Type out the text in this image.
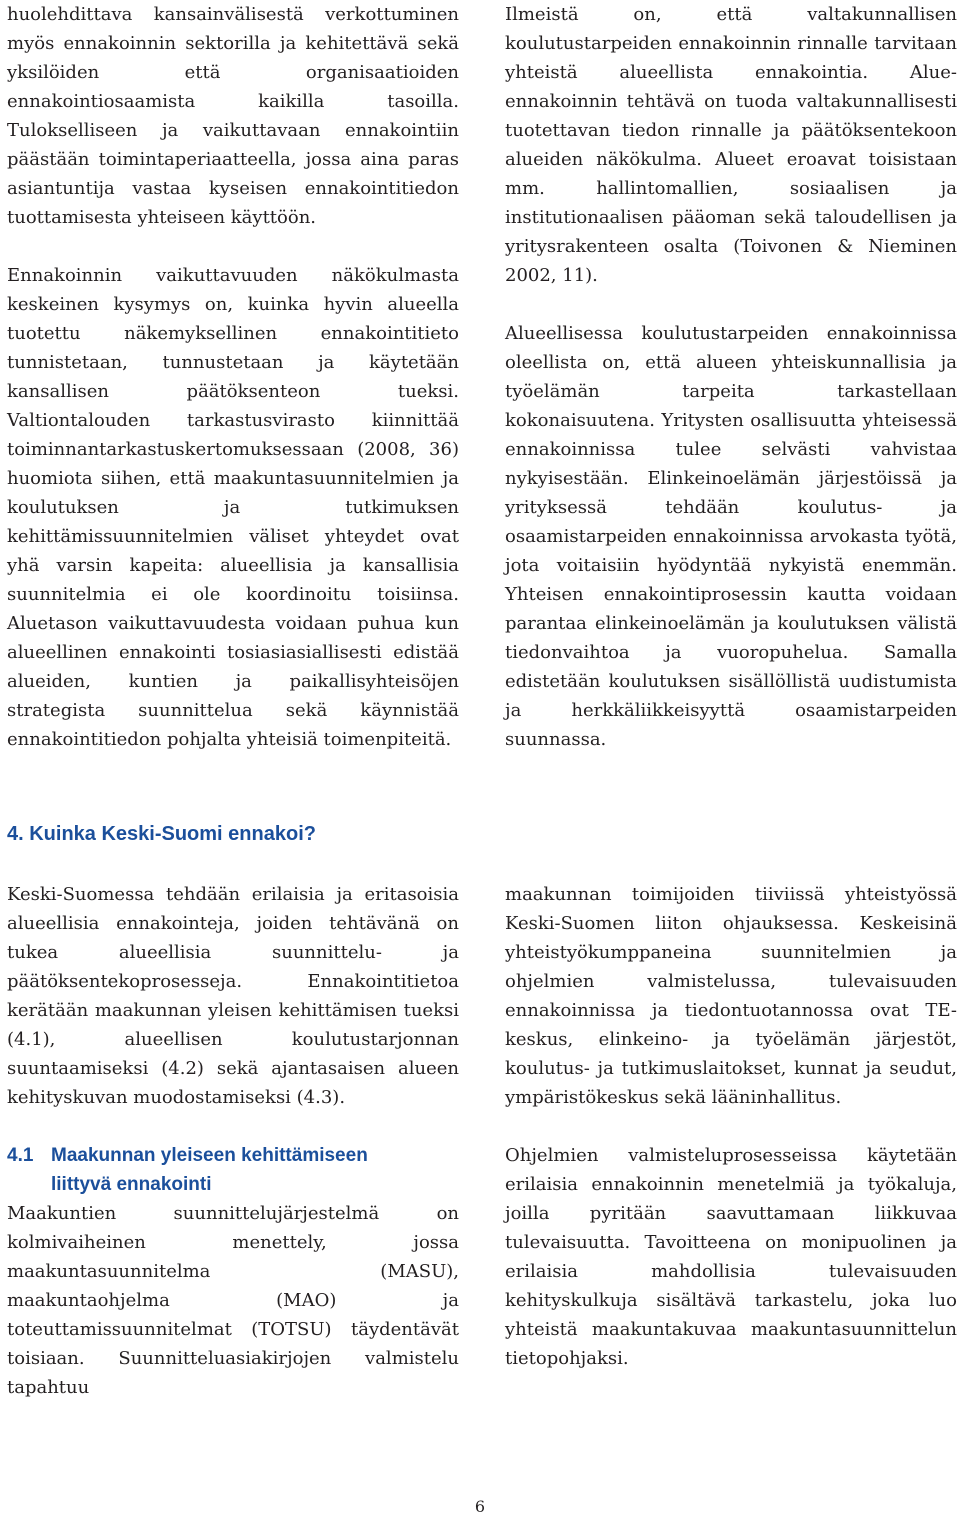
huolehdittava kansainvälisestä verkottuminen myös ennakoinnin sektorilla ja kehitettävä sekä yksilöiden että organisaatioiden ennakointiosaamista kaikilla tasoilla. Tulokselliseen ja vaikuttavaan ennakointiin päästään toimintaperiaatteella, jossa aina paras asiantuntija vastaa kyseisen ennakointitiedon tuottamisesta yhteiseen käyttöön.

Ennakoinnin vaikuttavuuden näkökulmasta keskeinen kysymys on, kuinka hyvin alueella tuotettu näkemyksellinen ennakointitieto tunnistetaan, tunnustetaan ja käytetään kansallisen päätöksenteon tueksi. Valtiontalouden tarkastusvirasto kiinnittää toiminnantarkastuskertomuksessaan (2008, 36) huomiota siihen, että maakuntasuunnitelmien ja koulutuksen ja tutkimuksen kehittämissuunnitelmien väliset yhteydet ovat yhä varsin kapeita: alueellisia ja kansallisia suunnitelmia ei ole koordinoitu toisiinsa. Aluetason vaikuttavuudesta voidaan puhua kun alueellinen ennakointi tosiasiasiallisesti edistää alueiden, kuntien ja paikallisyhteisöjen strategista suunnittelua sekä käynnistää ennakointitiedon pohjalta yhteisiä toimenpiteitä.

Ilmeistä on, että valtakunnallisen koulutustarpeiden ennakoinnin rinnalle tarvitaan yhteistä alueellista ennakointia. Alue-ennakoinnin tehtävä on tuoda valtakunnallisesti tuotettavan tiedon rinnalle ja päätöksentekoon alueiden näkökulma. Alueet eroavat toisistaan mm. hallintomallien, sosiaalisen ja institutionaalisen pääoman sekä taloudellisen ja yritysrakenteen osalta (Toivonen & Nieminen 2002, 11).

Alueellisessa koulutustarpeiden ennakoinnissa oleellista on, että alueen yhteiskunnallisia ja työelämän tarpeita tarkastellaan kokonaisuutena. Yritysten osallisuutta yhteisessä ennakoinnissa tulee selvästi vahvistaa nykyisestään. Elinkeinoelämän järjestöissä ja yrityksessä tehdään koulutus- ja osaamistarpeiden ennakoinnissa arvokasta työtä, jota voitaisiin hyödyntää nykyistä enemmän. Yhteisen ennakointiprosessin kautta voidaan parantaa elinkeinoelämän ja koulutuksen välistä tiedonvaihtoa ja vuoropuhelua. Samalla edistetään koulutuksen sisällöllistä uudistumista ja herkkäliikkeisyyttä osaamistarpeiden suunnassa.

4. Kuinka Keski-Suomi ennakoi?

Keski-Suomessa tehdään erilaisia ja eritasoisia alueellisia ennakointeja, joiden tehtävänä on tukea alueellisia suunnittelu- ja päätöksentekoprosesseja. Ennakointitietoa kerätään maakunnan yleisen kehittämisen tueksi (4.1), alueellisen koulutustarjonnan suuntaamiseksi (4.2) sekä ajantasaisen alueen kehityskuvan muodostamiseksi (4.3).

4.1 Maakunnan yleiseen kehittämiseen
liittyvä ennakointi

Maakuntien suunnittelujärjestelmä on kolmivaiheinen menettely, jossa maakuntasuunnitelma (MASU), maakuntaohjelma (MAO) ja toteuttamissuunnitelmat (TOTSU) täydentävät toisiaan. Suunnitteluasiakirjojen valmistelu tapahtuu

maakunnan toimijoiden tiiviissä yhteistyössä Keski-Suomen liiton ohjauksessa. Keskeisinä yhteistyökumppaneina suunnitelmien ja ohjelmien valmistelussa, tulevaisuuden ennakoinnissa ja tiedontuotannossa ovat TE-keskus, elinkeino- ja työelämän järjestöt, koulutus- ja tutkimuslaitokset, kunnat ja seudut, ympäristökeskus sekä lääninhallitus.

Ohjelmien valmisteluprosesseissa käytetään erilaisia ennakoinnin menetelmiä ja työkaluja, joilla pyritään saavuttamaan liikkuvaa tulevaisuutta. Tavoitteena on monipuolinen ja erilaisia mahdollisia tulevaisuuden kehityskulkuja sisältävä tarkastelu, joka luo yhteistä maakuntakuvaa maakuntasuunnittelun tietopohjaksi.

6
